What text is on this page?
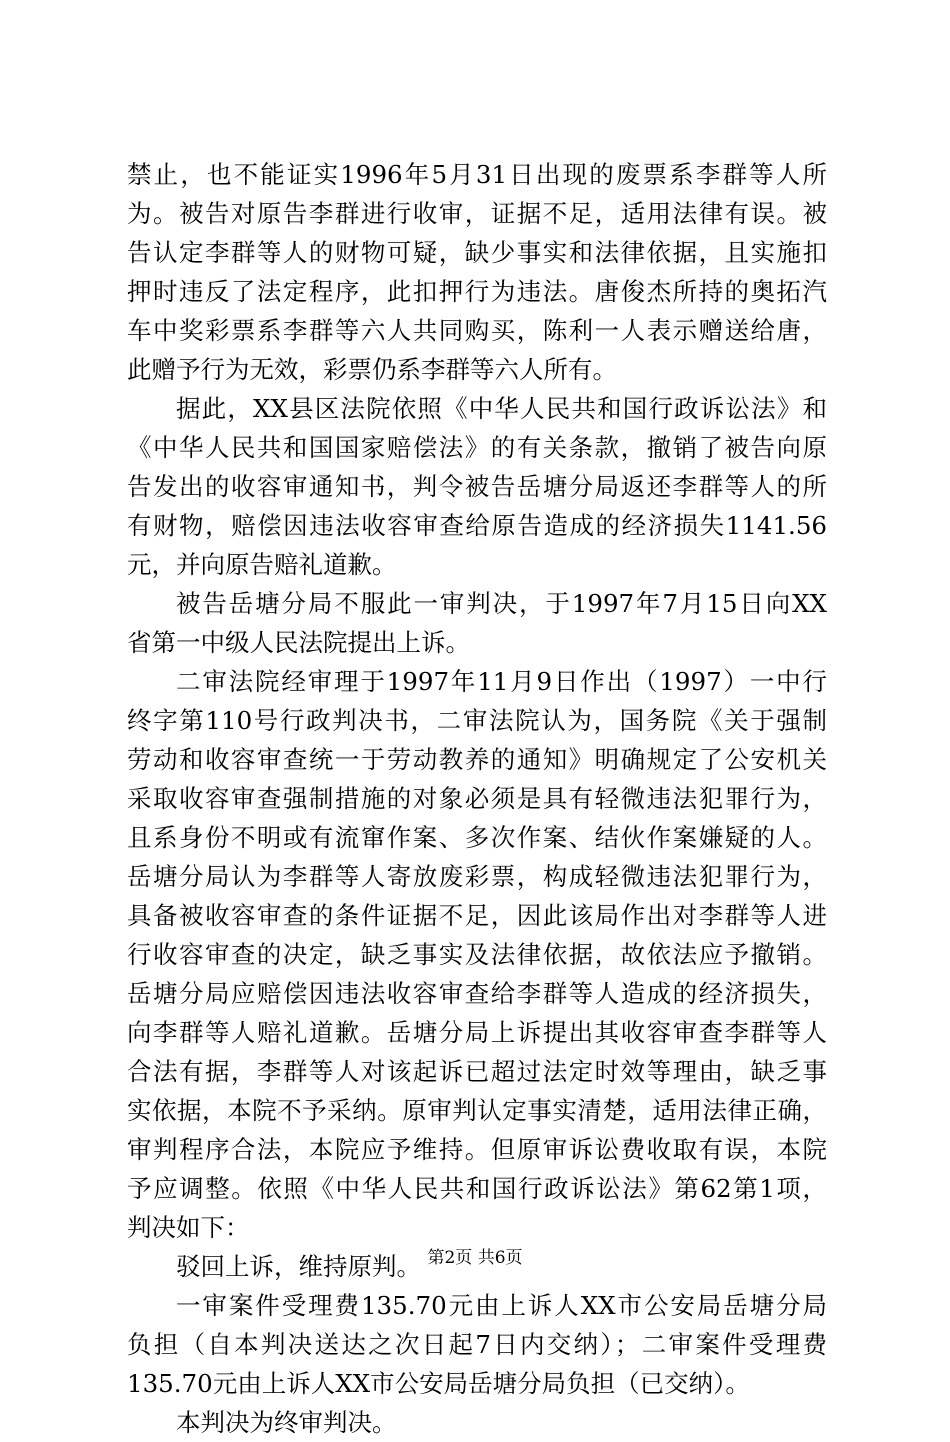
禁止，也不能证实1996年5月31日出现的废票系李群等人所
为。被告对原告李群进行收审，证据不足，适用法律有误。被
告认定李群等人的财物可疑，缺少事实和法律依据，且实施扣
押时违反了法定程序，此扣押行为违法。唐俊杰所持的奥拓汽
车中奖彩票系李群等六人共同购买，陈利一人表示赠送给唐，
此赠予行为无效，彩票仍系李群等六人所有。
据此，XX县区法院依照《中华人民共和国行政诉讼法》和
《中华人民共和国国家赔偿法》的有关条款，撤销了被告向原
告发出的收容审通知书，判令被告岳塘分局返还李群等人的所
有财物，赔偿因违法收容审查给原告造成的经济损失1141.56
元，并向原告赔礼道歉。
被告岳塘分局不服此一审判决，于1997年7月15日向XX
省第一中级人民法院提出上诉。
二审法院经审理于1997年11月9日作出（1997）一中行
终字第110号行政判决书，二审法院认为，国务院《关于强制
劳动和收容审查统一于劳动教养的通知》明确规定了公安机关
采取收容审查强制措施的对象必须是具有轻微违法犯罪行为，
且系身份不明或有流窜作案、多次作案、结伙作案嫌疑的人。
岳塘分局认为李群等人寄放废彩票，构成轻微违法犯罪行为，
具备被收容审查的条件证据不足，因此该局作出对李群等人进
行收容审查的决定，缺乏事实及法律依据，故依法应予撤销。
岳塘分局应赔偿因违法收容审查给李群等人造成的经济损失，
向李群等人赔礼道歉。岳塘分局上诉提出其收容审查李群等人
合法有据，李群等人对该起诉已超过法定时效等理由，缺乏事
实依据，本院不予采纳。原审判认定事实清楚，适用法律正确，
审判程序合法，本院应予维持。但原审诉讼费收取有误，本院
予应调整。依照《中华人民共和国行政诉讼法》第62第1项，
判决如下：
驳回上诉，维持原判。
一审案件受理费135.70元由上诉人XX市公安局岳塘分局
负担（自本判决送达之次日起7日内交纳）；二审案件受理费
135.70元由上诉人XX市公安局岳塘分局负担（已交纳）。
本判决为终审判决。
第2页 共6页
